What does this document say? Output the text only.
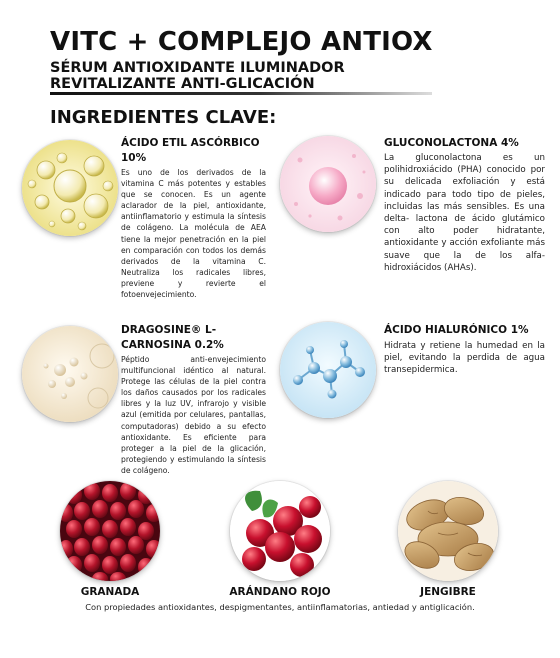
VITC + COMPLEJO ANTIOX
SÉRUM ANTIOXIDANTE ILUMINADOR
REVITALIZANTE ANTI-GLICACIÓN
INGREDIENTES CLAVE:
ÁCIDO ETIL ASCÓRBICO 10%
Es uno de los derivados de la vitamina C más potentes y estables que se conocen. Es un agente aclarador de la piel, antioxidante, antiinflamatorio y estimula la síntesis de colágeno. La molécula de AEA tiene la mejor penetración en la piel en comparación con todos los demás derivados de la vitamina C. Neutraliza los radicales libres, previene y revierte el fotoenvejecimiento.
GLUCONOLACTONA 4%
La gluconolactona es un polihidroxiácido (PHA) conocido por su delicada exfoliación y está indicado para todo tipo de pieles, incluidas las más sensibles. Es una delta- lactona de ácido glutámico con alto poder hidratante, antioxidante y acción exfoliante más suave que la de los alfa-hidroxiácidos (AHAs).
DRAGOSINE® L-CARNOSINA 0.2%
Péptido anti-envejecimiento multifuncional idéntico al natural. Protege las células de la piel contra los daños causados por los radicales libres y la luz UV, infrarojo y visible azul (emitida por celulares, pantallas, computadoras) debido a su efecto antioxidante. Es eficiente para proteger a la piel de la glicación, protegiendo y estimulando la síntesis de colágeno.
ÁCIDO HIALURÓNICO 1%
Hidrata y retiene la humedad en la piel, evitando la perdida de agua transepidermica.
GRANADA	ARÁNDANO ROJO	JENGIBRE
Con propiedades antioxidantes, despigmentantes, antiinflamatorias, antiedad y antiglicación.
